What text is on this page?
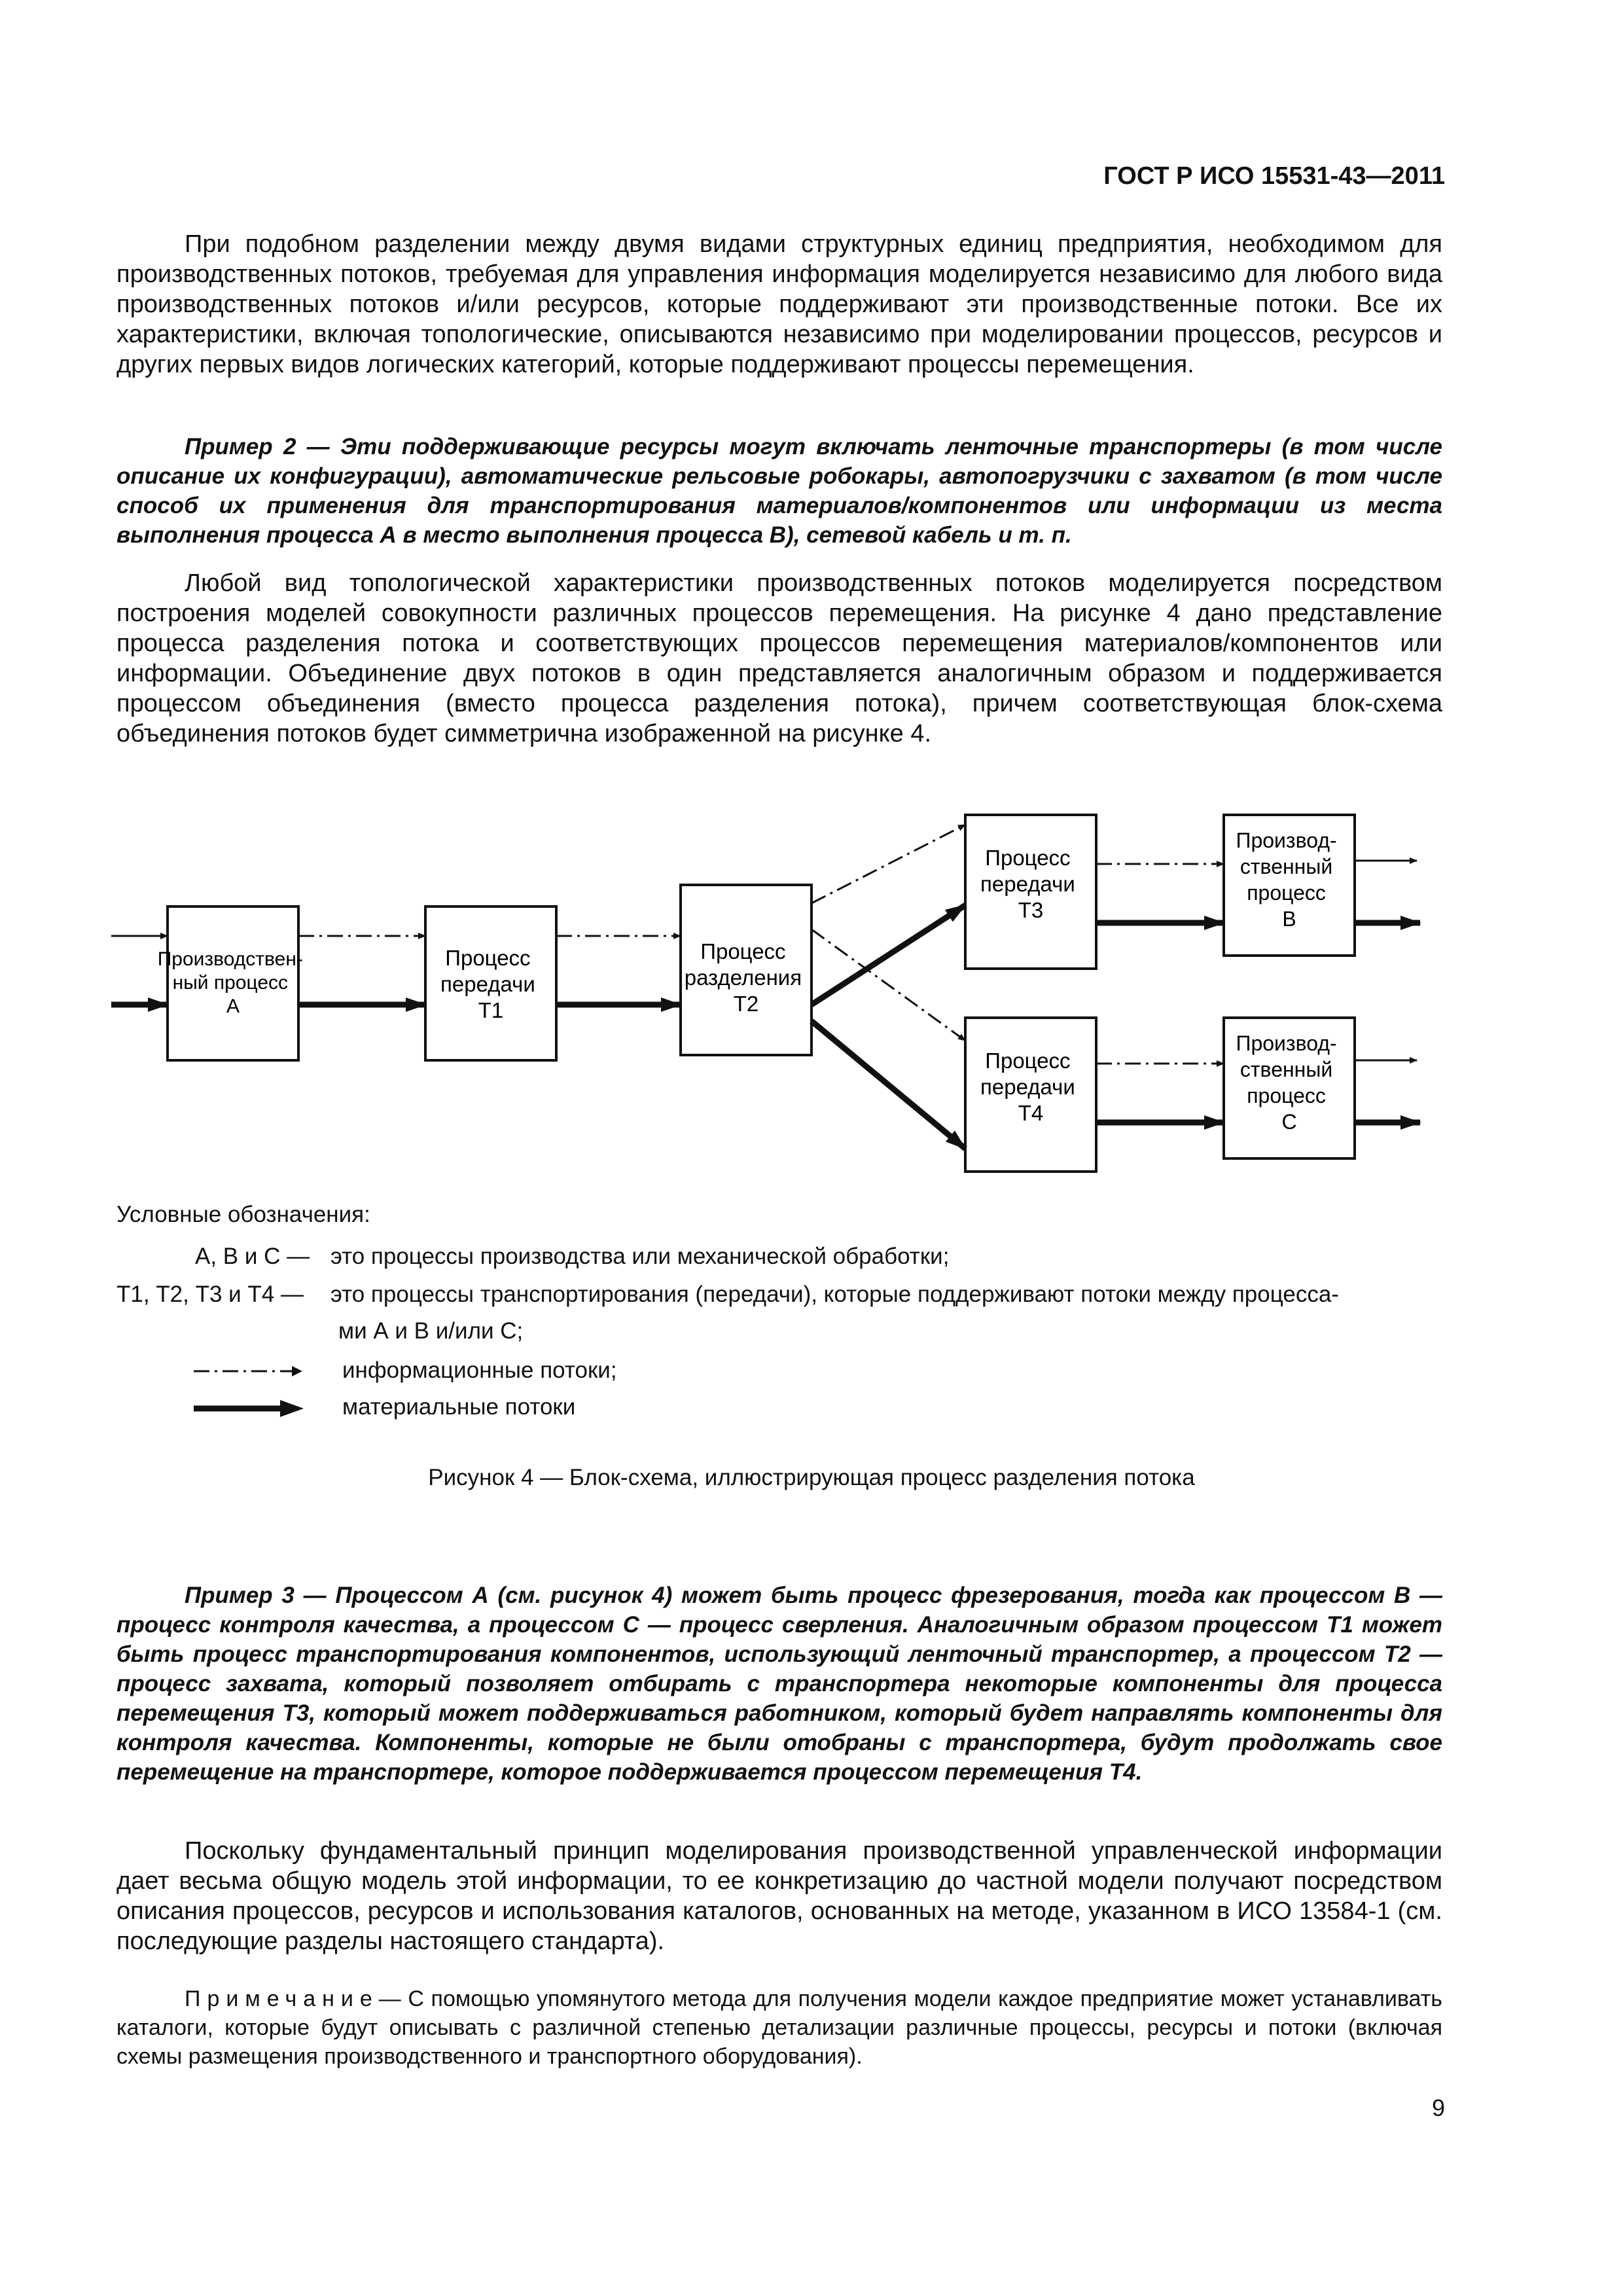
ГОСТ Р ИСО 15531-43—2011

При подобном разделении между двумя видами структурных единиц предприятия, необходимом для производственных потоков, требуемая для управления информация моделируется независимо для любого вида производственных потоков и/или ресурсов, которые поддерживают эти производственные потоки. Все их характеристики, включая топологические, описываются независимо при моделировании процессов, ресурсов и других первых видов логических категорий, которые поддерживают процессы перемещения.

Пример 2 — Эти поддерживающие ресурсы могут включать ленточные транспортеры (в том числе описание их конфигурации), автоматические рельсовые робокары, автопогрузчики с захватом (в том числе способ их применения для транспортирования материалов/компонентов или информации из места выполнения процесса А в место выполнения процесса В), сетевой кабель и т. п.

Любой вид топологической характеристики производственных потоков моделируется посредством построения моделей совокупности различных процессов перемещения. На рисунке 4 дано представление процесса разделения потока и соответствующих процессов перемещения материалов/компонентов или информации. Объединение двух потоков в один представляется аналогичным образом и поддерживается процессом объединения (вместо процесса разделения потока), причем соответствующая блок-схема объединения потоков будет симметрична изображенной на рисунке 4.

Производствен- ный процесс А
Процесс передачи Т1
Процесс разделения Т2
Процесс передачи Т3
Процесс передачи Т4
Производ- ственный процесс В
Производ- ственный процесс С
Условные обозначения:
А, В и С — это процессы производства или механической обработки;
Т1, Т2, Т3 и Т4 — это процессы транспортирования (передачи), которые поддерживают потоки между процесса-
ми А и В и/или С;
информационные потоки;
материальные потоки
Рисунок 4 — Блок-схема, иллюстрирующая процесс разделения потока

Пример 3 — Процессом А (см. рисунок 4) может быть процесс фрезерования, тогда как процессом В — процесс контроля качества, а процессом С — процесс сверления. Аналогичным образом процессом Т1 может быть процесс транспортирования компонентов, использующий ленточный транспортер, а процессом Т2 — процесс захвата, который позволяет отбирать с транспортера некоторые компоненты для процесса перемещения Т3, который может поддерживаться работником, который будет направлять компоненты для контроля качества. Компоненты, которые не были отобраны с транспортера, будут продолжать свое перемещение на транспортере, которое поддерживается процессом перемещения Т4.

Поскольку фундаментальный принцип моделирования производственной управленческой информации дает весьма общую модель этой информации, то ее конкретизацию до частной модели получают посредством описания процессов, ресурсов и использования каталогов, основанных на методе, указанном в ИСО 13584-1 (см. последующие разделы настоящего стандарта).

Примечание— С помощью упомянутого метода для получения модели каждое предприятие может устанавливать каталоги, которые будут описывать с различной степенью детализации различные процессы, ресурсы и потоки (включая схемы размещения производственного и транспортного оборудования).

9
